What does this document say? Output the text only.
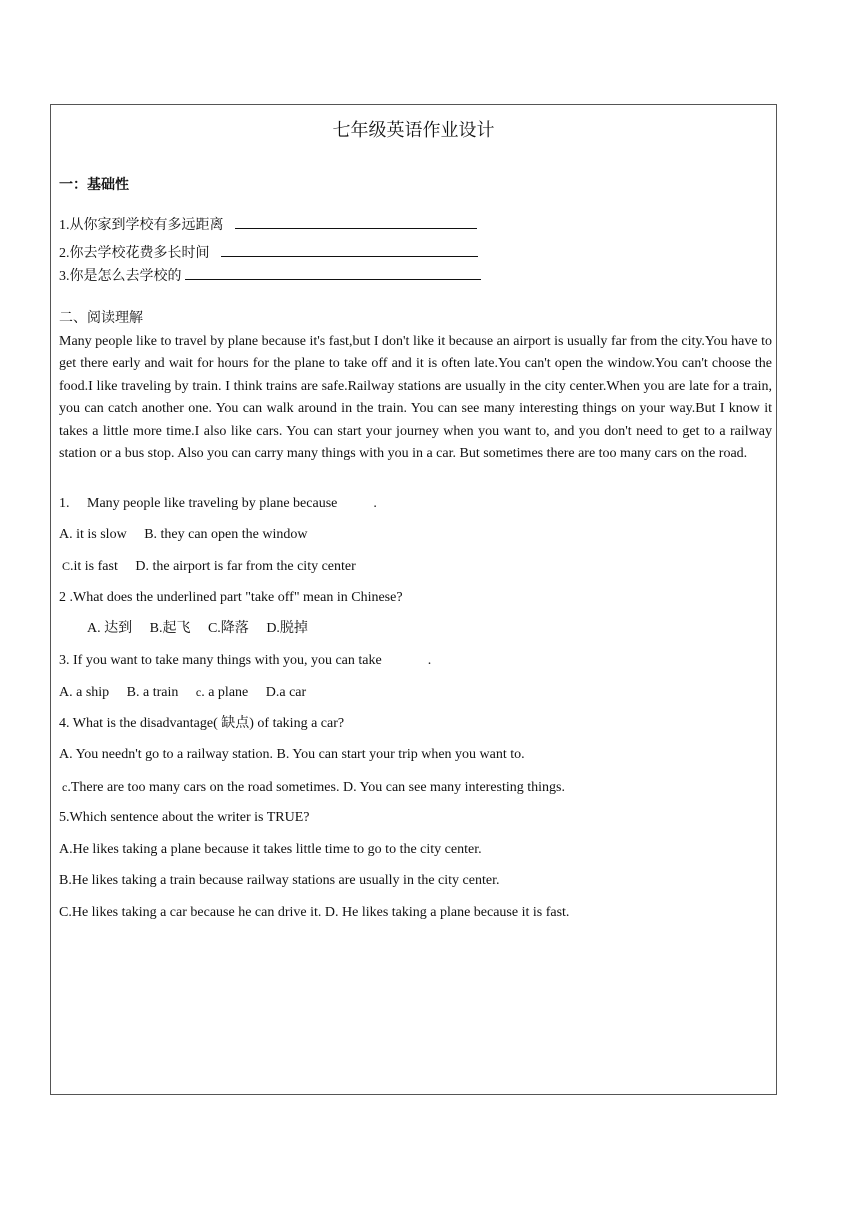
七年级英语作业设计
一：基础性
1.从你家到学校有多远距离
2.你去学校花费多长时间
3.你是怎么去学校的
二、阅读理解
Many people like to travel by plane because it's fast,but I don't like it because an airport is usually far from the city.You have to get there early and wait for hours for the plane to take off and it is often late.You can't open the window.You can't choose the food.I like traveling by train. I think trains are safe.Railway stations are usually in the city center.When you are late for a train, you can catch another one. You can walk around in the train. You can see many interesting things on your way.But I know it takes a little more time.I also like cars. You can start your journey when you want to, and you don't need to get to a railway station or a bus stop. Also you can carry many things with you in a car. But sometimes there are too many cars on the road.
1. Many people like traveling by plane because	.
A. it is slow B. they can open the window
C.it is fast D. the airport is far from the city center
2 .What does the underlined part "take off" mean in Chinese?
A. 达到 B.起飞 C.降落 D.脱掉
3. If you want to take many things with you, you can take	.
A. a ship B. a train c. a plane D.a car
4. What is the disadvantage( 缺点) of taking a car?
A. You needn't go to a railway station. B. You can start your trip when you want to.
c.There are too many cars on the road sometimes. D. You can see many interesting things.
5.Which sentence about the writer is TRUE?
A.He likes taking a plane because it takes little time to go to the city center.
B.He likes taking a train because railway stations are usually in the city center.
C.He likes taking a car because he can drive it. D. He likes taking a plane because it is fast.
